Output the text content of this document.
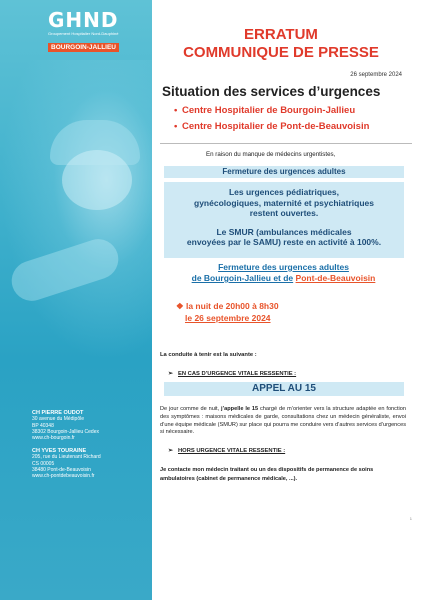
GHND
Groupement Hospitalier Nord-Dauphiné
BOURGOIN-JALLIEU
CH PIERRE OUDOT
30 avenue du Médipôle
BP 40348
38302 Bourgoin-Jallieu Cedex
www.ch-bourgoin.fr
CH YVES TOURAINE
205, rue du Lieutenant Richard
CS 00005
38480 Pont-de-Beauvoisin
www.ch-pontdebeauvoisin.fr
ERRATUM
COMMUNIQUE DE PRESSE
26 septembre 2024
Situation des services d’urgences
• Centre Hospitalier de Bourgoin-Jallieu
• Centre Hospitalier de Pont-de-Beauvoisin
En raison du manque de médecins urgentistes,
Fermeture des urgences adultes

Les urgences pédiatriques,

gynécologiques, maternité et psychiatriques

restent ouvertes.

Le SMUR (ambulances médicales

envoyées par le SAMU) reste en activité à 100%.

Fermeture des urgences adultes
de Bourgoin-Jallieu et de Pont-de-Beauvoisin
❖ la nuit de 20h00 à 8h30
le 26 septembre 2024
La conduite à tenir est la suivante :
➢ EN CAS D’URGENCE VITALE RESSENTIE :
APPEL AU 15
De jour comme de nuit, j’appelle le 15 chargé de m’orienter vers la structure adaptée en fonction des symptômes : maisons médicales de garde, consultations chez un médecin généraliste, envoi d’une équipe médicale (SMUR) sur place qui pourra me conduire vers d’autres services d’urgences si nécessaire.
➢ HORS URGENCE VITALE RESSENTIE :
Je contacte mon médecin traitant ou un des dispositifs de permanence de soins ambulatoires (cabinet de permanence médicale, ...).
1
